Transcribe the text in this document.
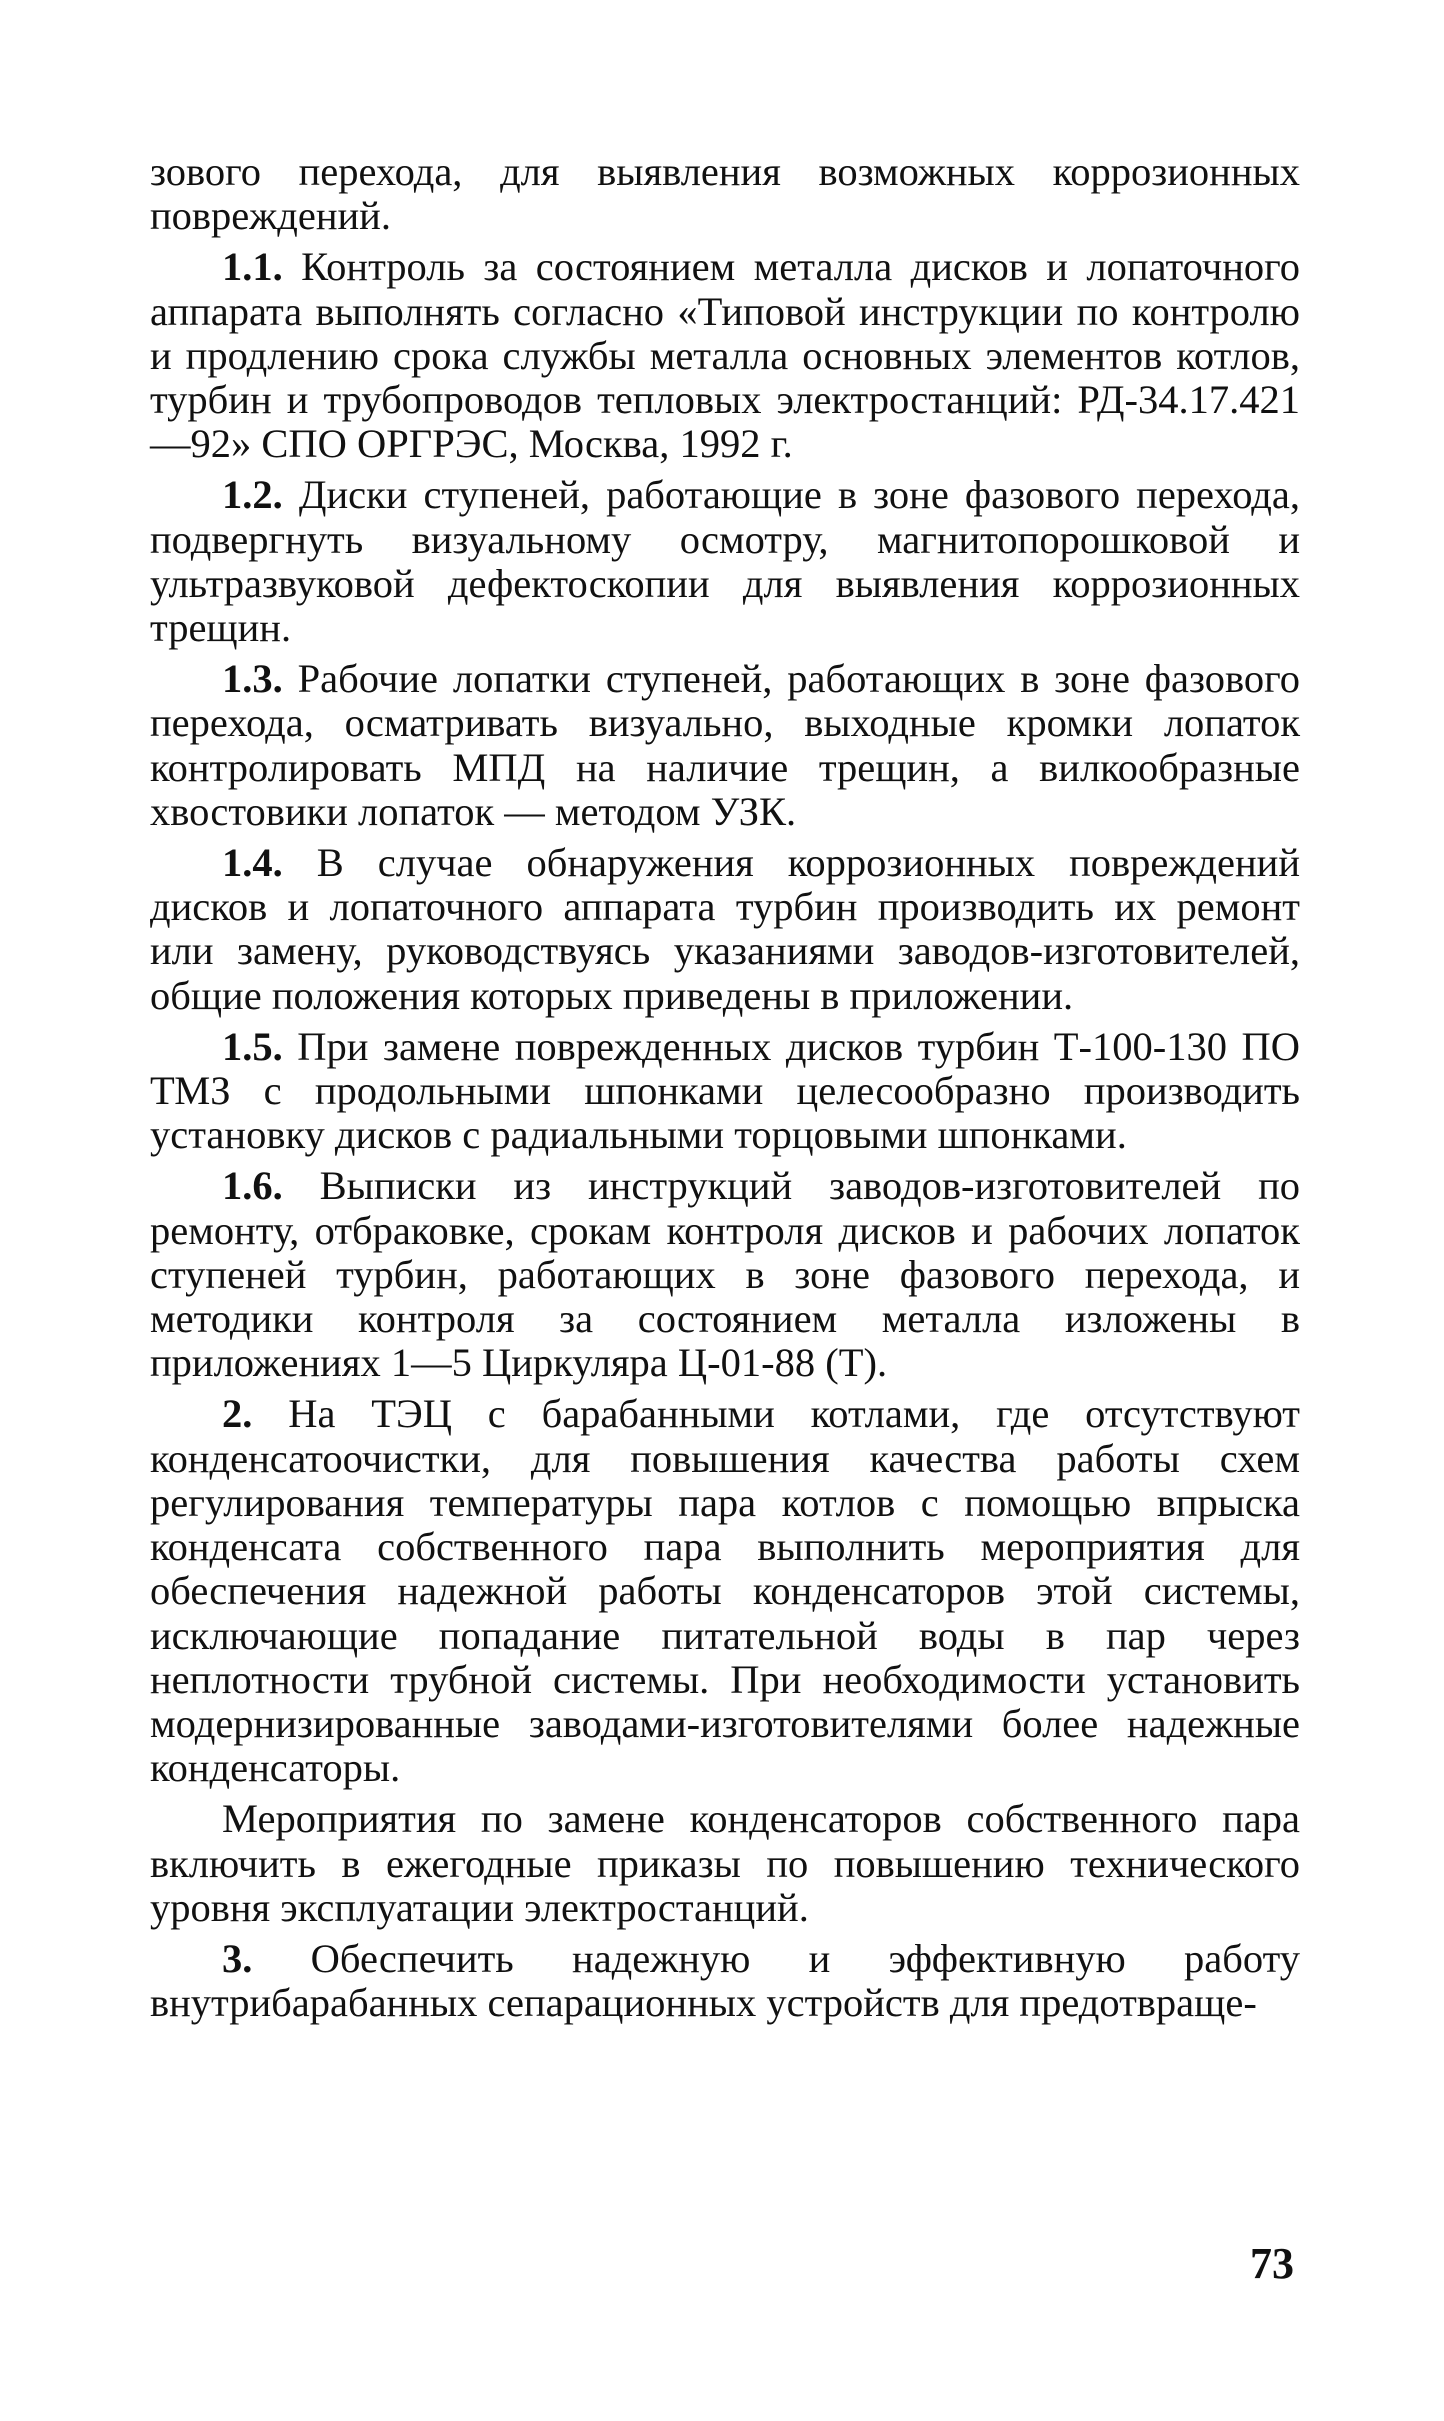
зового перехода, для выявления возможных коррозионных повреждений.

1.1. Контроль за состоянием металла дисков и лопаточного аппарата выполнять согласно «Типовой инструкции по контролю и продлению срока службы металла основных элементов котлов, турбин и трубопроводов тепловых электростанций: РД-34.17.421—92» СПО ОРГРЭС, Москва, 1992 г.

1.2. Диски ступеней, работающие в зоне фазового перехода, подвергнуть визуальному осмотру, магнитопорошковой и ультразвуковой дефектоскопии для выявления коррозионных трещин.

1.3. Рабочие лопатки ступеней, работающих в зоне фазового перехода, осматривать визуально, выходные кромки лопаток контролировать МПД на наличие трещин, а вилкообразные хвостовики лопаток — методом УЗК.

1.4. В случае обнаружения коррозионных повреждений дисков и лопаточного аппарата турбин производить их ремонт или замену, руководствуясь указаниями заводов-изготовителей, общие положения которых приведены в приложении.

1.5. При замене поврежденных дисков турбин Т-100-130 ПО ТМЗ с продольными шпонками целесообразно производить установку дисков с радиальными торцовыми шпонками.

1.6. Выписки из инструкций заводов-изготовителей по ремонту, отбраковке, срокам контроля дисков и рабочих лопаток ступеней турбин, работающих в зоне фазового перехода, и методики контроля за состоянием металла изложены в приложениях 1—5 Циркуляра Ц-01-88 (Т).

2. На ТЭЦ с барабанными котлами, где отсутствуют конденсатоочистки, для повышения качества работы схем регулирования температуры пара котлов с помощью впрыска конденсата собственного пара выполнить мероприятия для обеспечения надежной работы конденсаторов этой системы, исключающие попадание питательной воды в пар через неплотности трубной системы. При необходимости установить модернизированные заводами-изготовителями более надежные конденсаторы.

Мероприятия по замене конденсаторов собственного пара включить в ежегодные приказы по повышению технического уровня эксплуатации электростанций.

3. Обеспечить надежную и эффективную работу внутрибарабанных сепарационных устройств для предотвраще-

73
